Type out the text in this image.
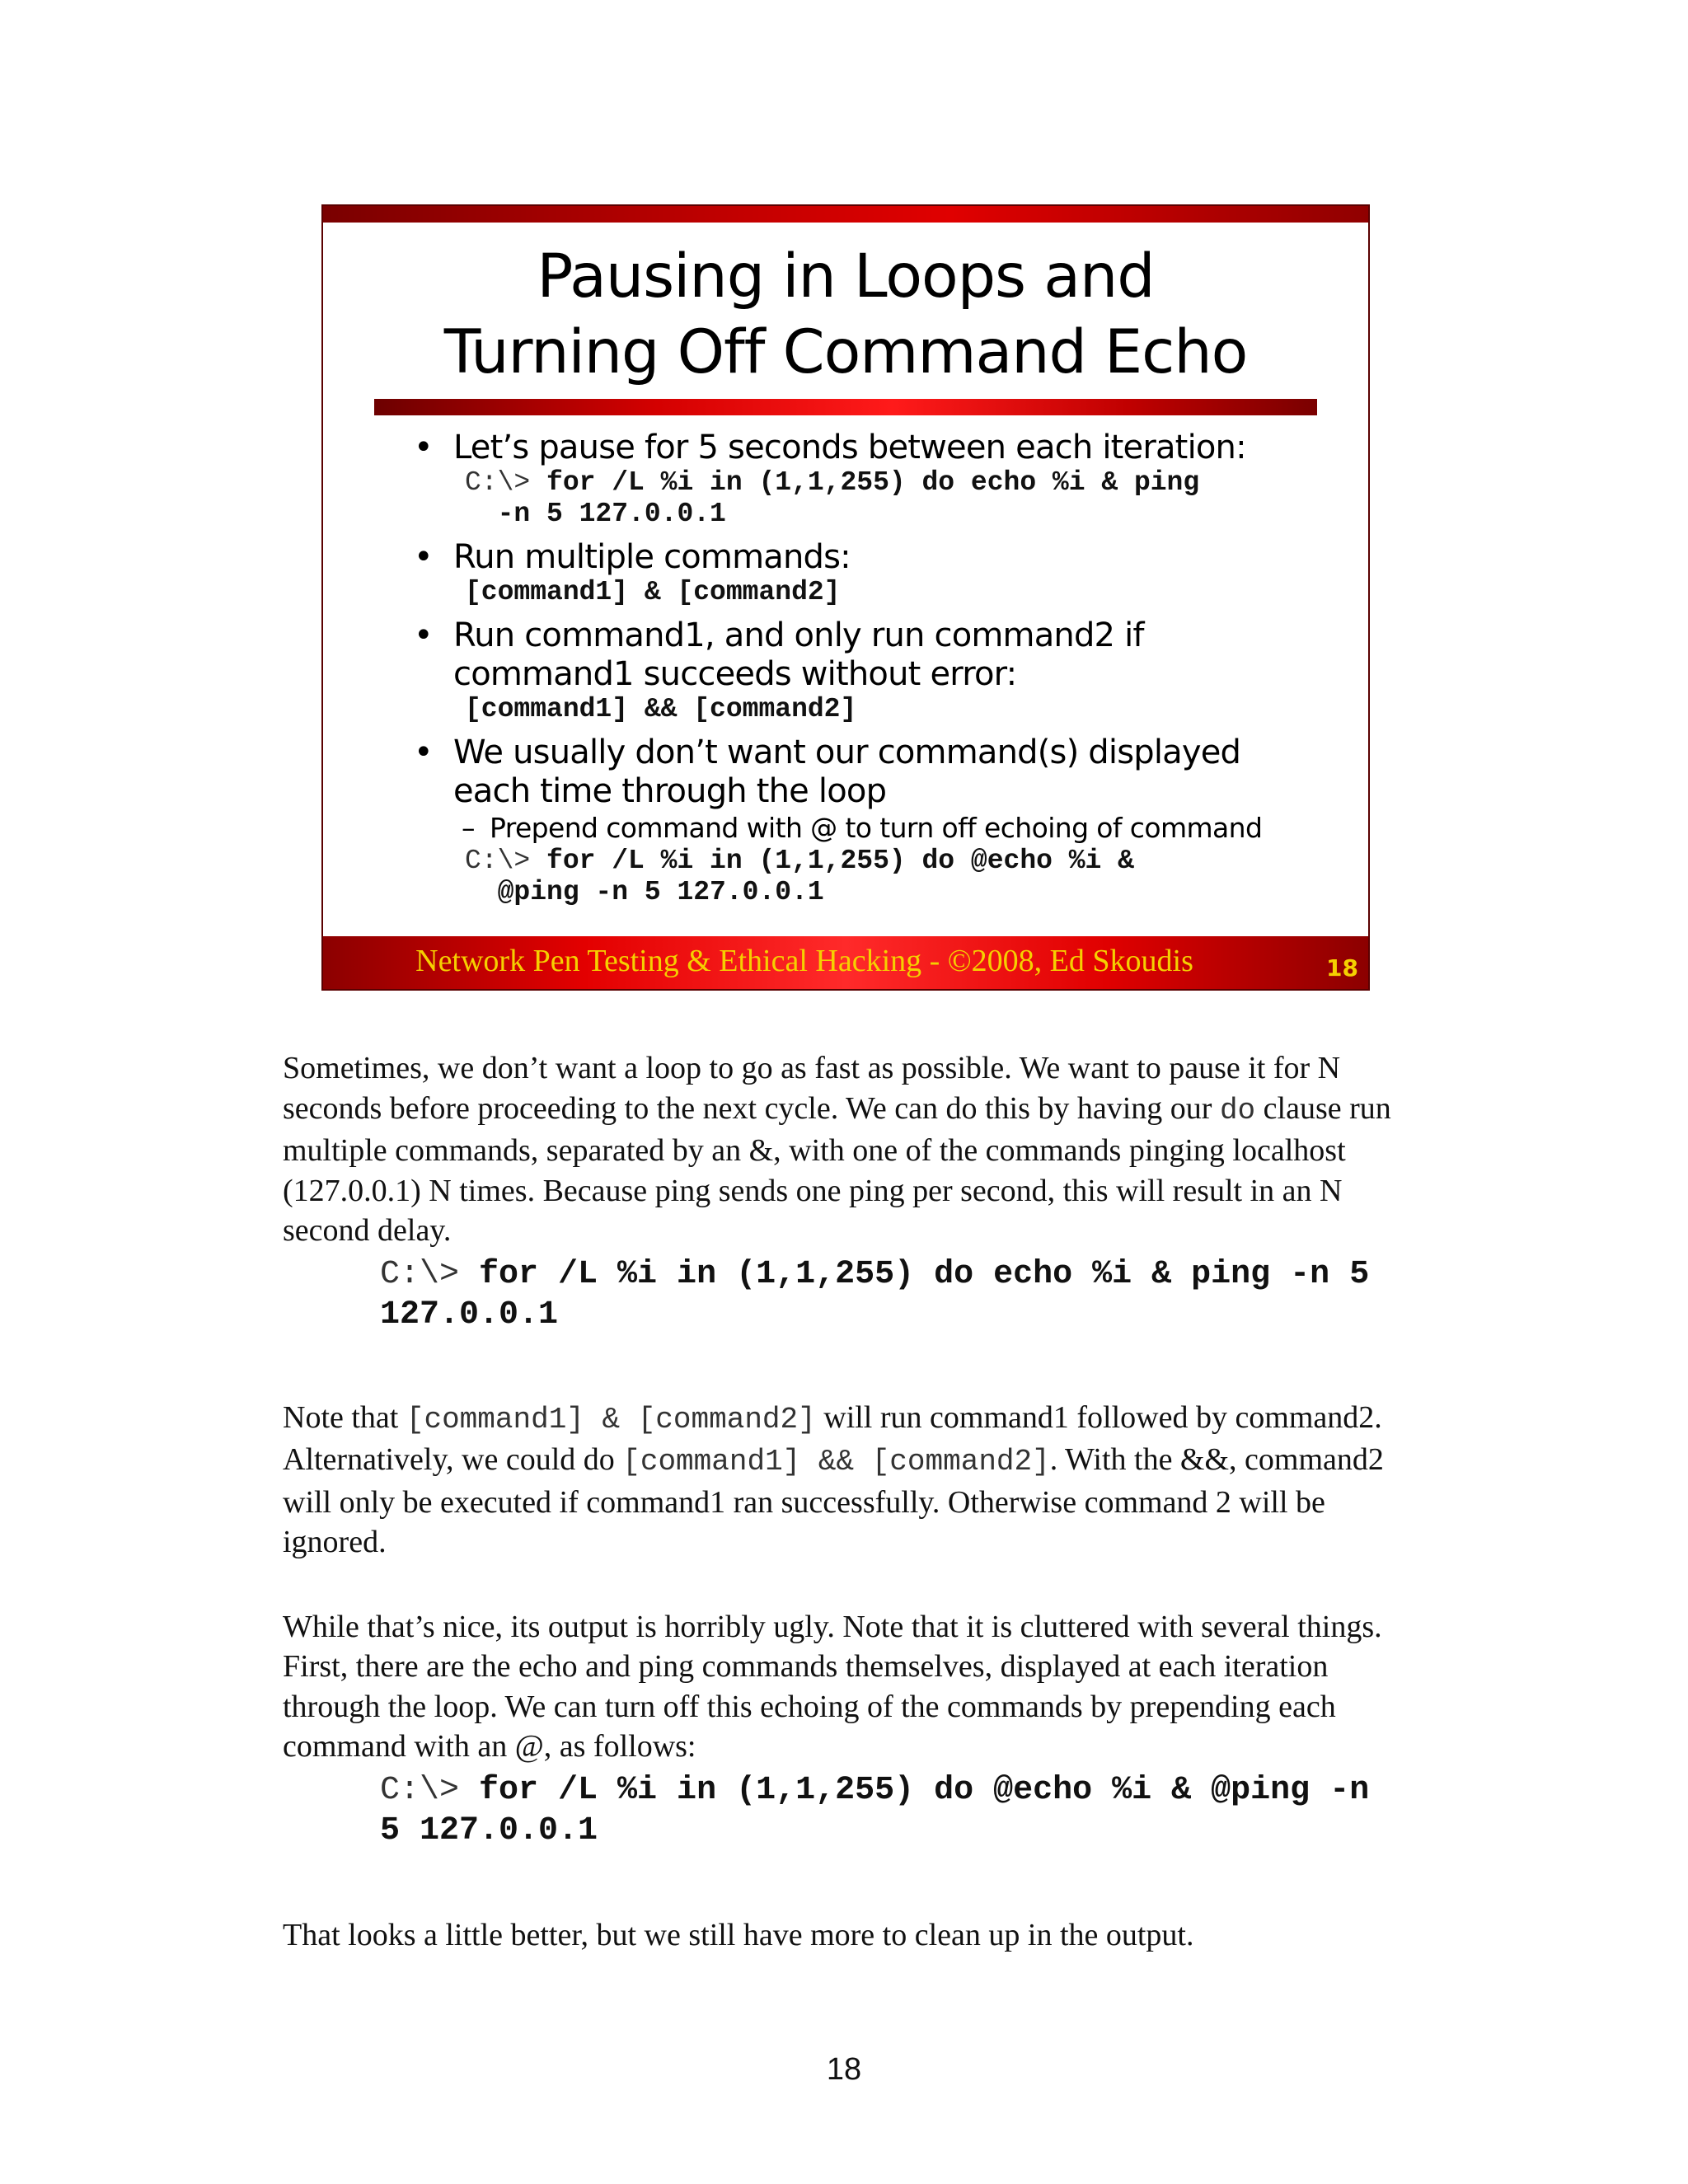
Pausing in Loops and
Turning Off Command Echo
• Let’s pause for 5 seconds between each iteration:
C:\> for /L %i in (1,1,255) do echo %i & ping
-n 5 127.0.0.1
• Run multiple commands:
[command1] & [command2]
• Run command1, and only run command2 if
command1 succeeds without error:
[command1] && [command2]
• We usually don’t want our command(s) displayed
each time through the loop
– Prepend command with @ to turn off echoing of command
C:\> for /L %i in (1,1,255) do @echo %i &
@ping -n 5 127.0.0.1
Network Pen Testing & Ethical Hacking - ©2008, Ed Skoudis	18

Sometimes, we don’t want a loop to go as fast as possible. We want to pause it for N seconds before proceeding to the next cycle. We can do this by having our do clause run multiple commands, separated by an &, with one of the commands pinging localhost (127.0.0.1) N times. Because ping sends one ping per second, this will result in an N second delay.

C:\> for /L %i in (1,1,255) do echo %i & ping -n 5
127.0.0.1

Note that [command1] & [command2] will run command1 followed by command2. Alternatively, we could do [command1] && [command2]. With the &&, command2 will only be executed if command1 ran successfully. Otherwise command 2 will be ignored.

While that’s nice, its output is horribly ugly. Note that it is cluttered with several things. First, there are the echo and ping commands themselves, displayed at each iteration through the loop. We can turn off this echoing of the commands by prepending each command with an @, as follows:

C:\> for /L %i in (1,1,255) do @echo %i & @ping -n
5 127.0.0.1

That looks a little better, but we still have more to clean up in the output.

18
